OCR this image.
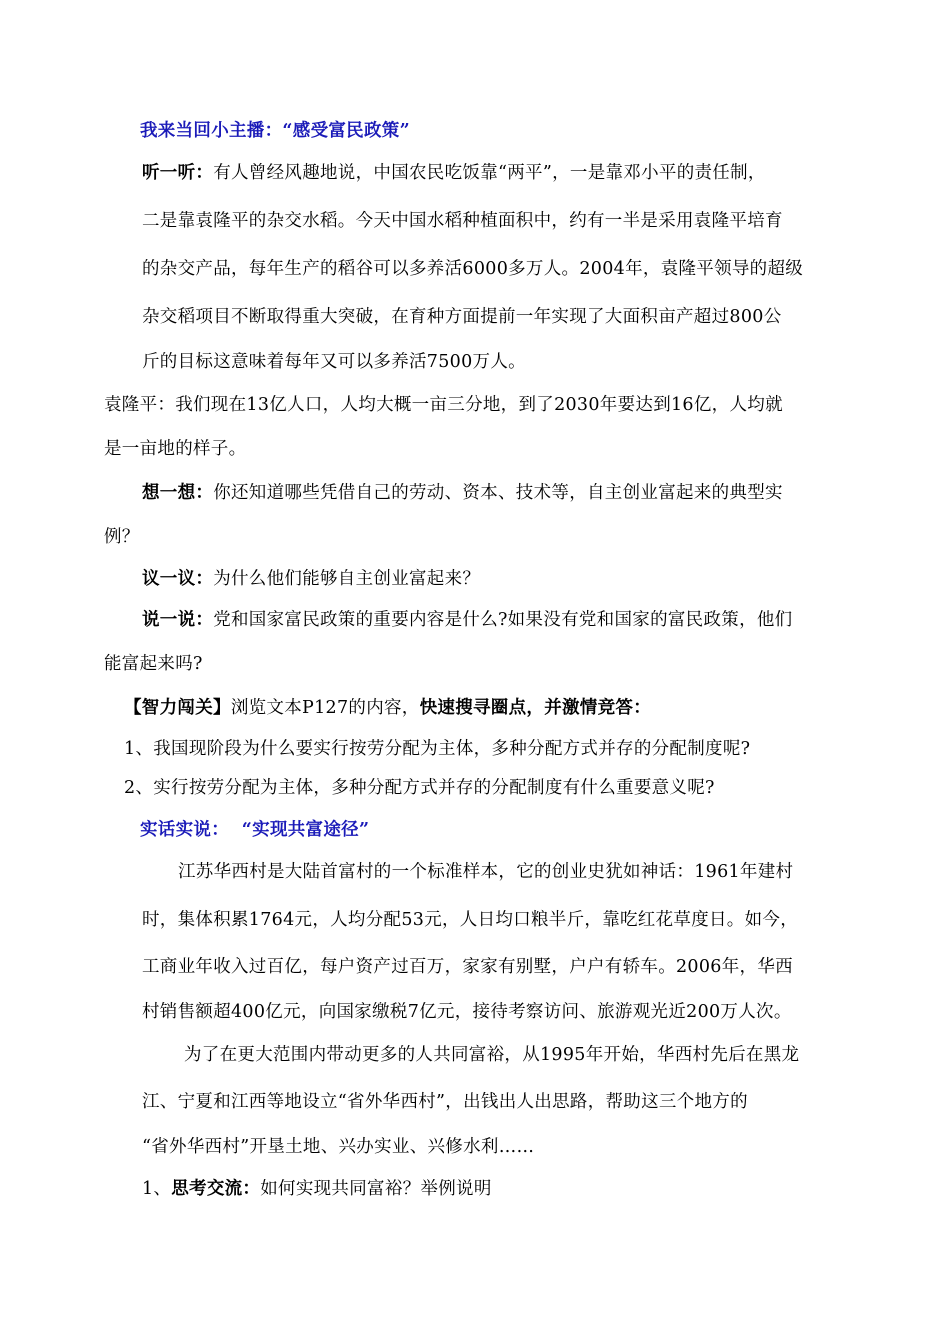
我来当回小主播：“感受富民政策”
听一听：有人曾经风趣地说，中国农民吃饭靠“两平”，一是靠邓小平的责任制，
二是靠袁隆平的杂交水稻。今天中国水稻种植面积中，约有一半是采用袁隆平培育
的杂交产品，每年生产的稻谷可以多养活6000多万人。2004年，袁隆平领导的超级
杂交稻项目不断取得重大突破，在育种方面提前一年实现了大面积亩产超过800公
斤的目标这意味着每年又可以多养活7500万人。
袁隆平：我们现在13亿人口，人均大概一亩三分地，到了2030年要达到16亿，人均就
是一亩地的样子。
想一想：你还知道哪些凭借自己的劳动、资本、技术等，自主创业富起来的典型实
例？
议一议：为什么他们能够自主创业富起来？
说一说：党和国家富民政策的重要内容是什么?如果没有党和国家的富民政策，他们
能富起来吗?
【智力闯关】浏览文本P127的内容，快速搜寻圈点，并激情竞答：
1、我国现阶段为什么要实行按劳分配为主体，多种分配方式并存的分配制度呢?
2、实行按劳分配为主体，多种分配方式并存的分配制度有什么重要意义呢?
实话实说：  “实现共富途径”
江苏华西村是大陆首富村的一个标准样本，它的创业史犹如神话：1961年建村
时，集体积累1764元，人均分配53元，人日均口粮半斤，靠吃红花草度日。如今，
工商业年收入过百亿，每户资产过百万，家家有别墅，户户有轿车。2006年，华西
村销售额超400亿元，向国家缴税7亿元，接待考察访问、旅游观光近200万人次。
为了在更大范围内带动更多的人共同富裕，从1995年开始，华西村先后在黑龙
江、宁夏和江西等地设立“省外华西村”，出钱出人出思路，帮助这三个地方的
“省外华西村”开垦土地、兴办实业、兴修水利……
1、思考交流：如何实现共同富裕？举例说明
